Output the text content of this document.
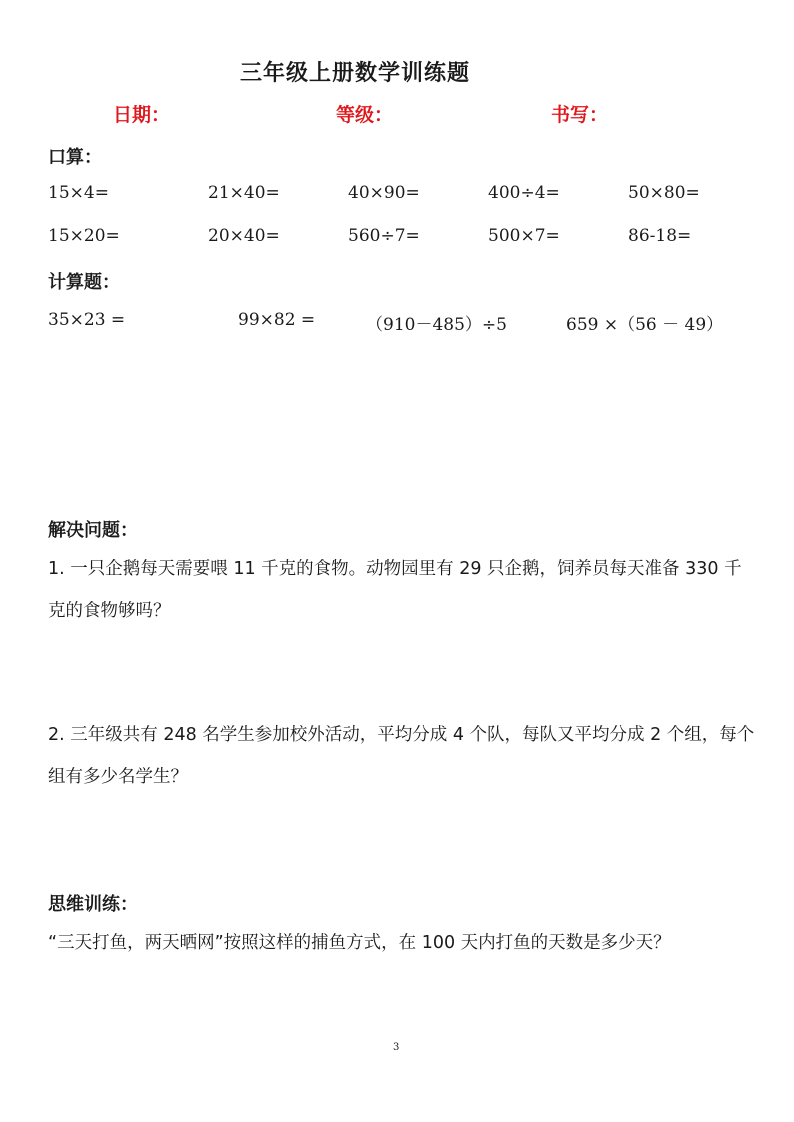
三年级上册数学训练题
日期：	等级：	书写：
口算：
15×4=	21×40=	40×90=	400÷4=	50×80=
15×20=	20×40=	560÷7=	500×7=	86-18=
计算题：
35×23 =	99×82 =	（910－485）÷5	659 ×（56 － 49）
解决问题：
1. 一只企鹅每天需要喂 11 千克的食物。动物园里有 29 只企鹅，饲养员每天准备 330 千克的食物够吗？
2. 三年级共有 248 名学生参加校外活动，平均分成 4 个队，每队又平均分成 2 个组，每个组有多少名学生？
思维训练：
“三天打鱼，两天晒网”按照这样的捕鱼方式，在 100 天内打鱼的天数是多少天？
3
